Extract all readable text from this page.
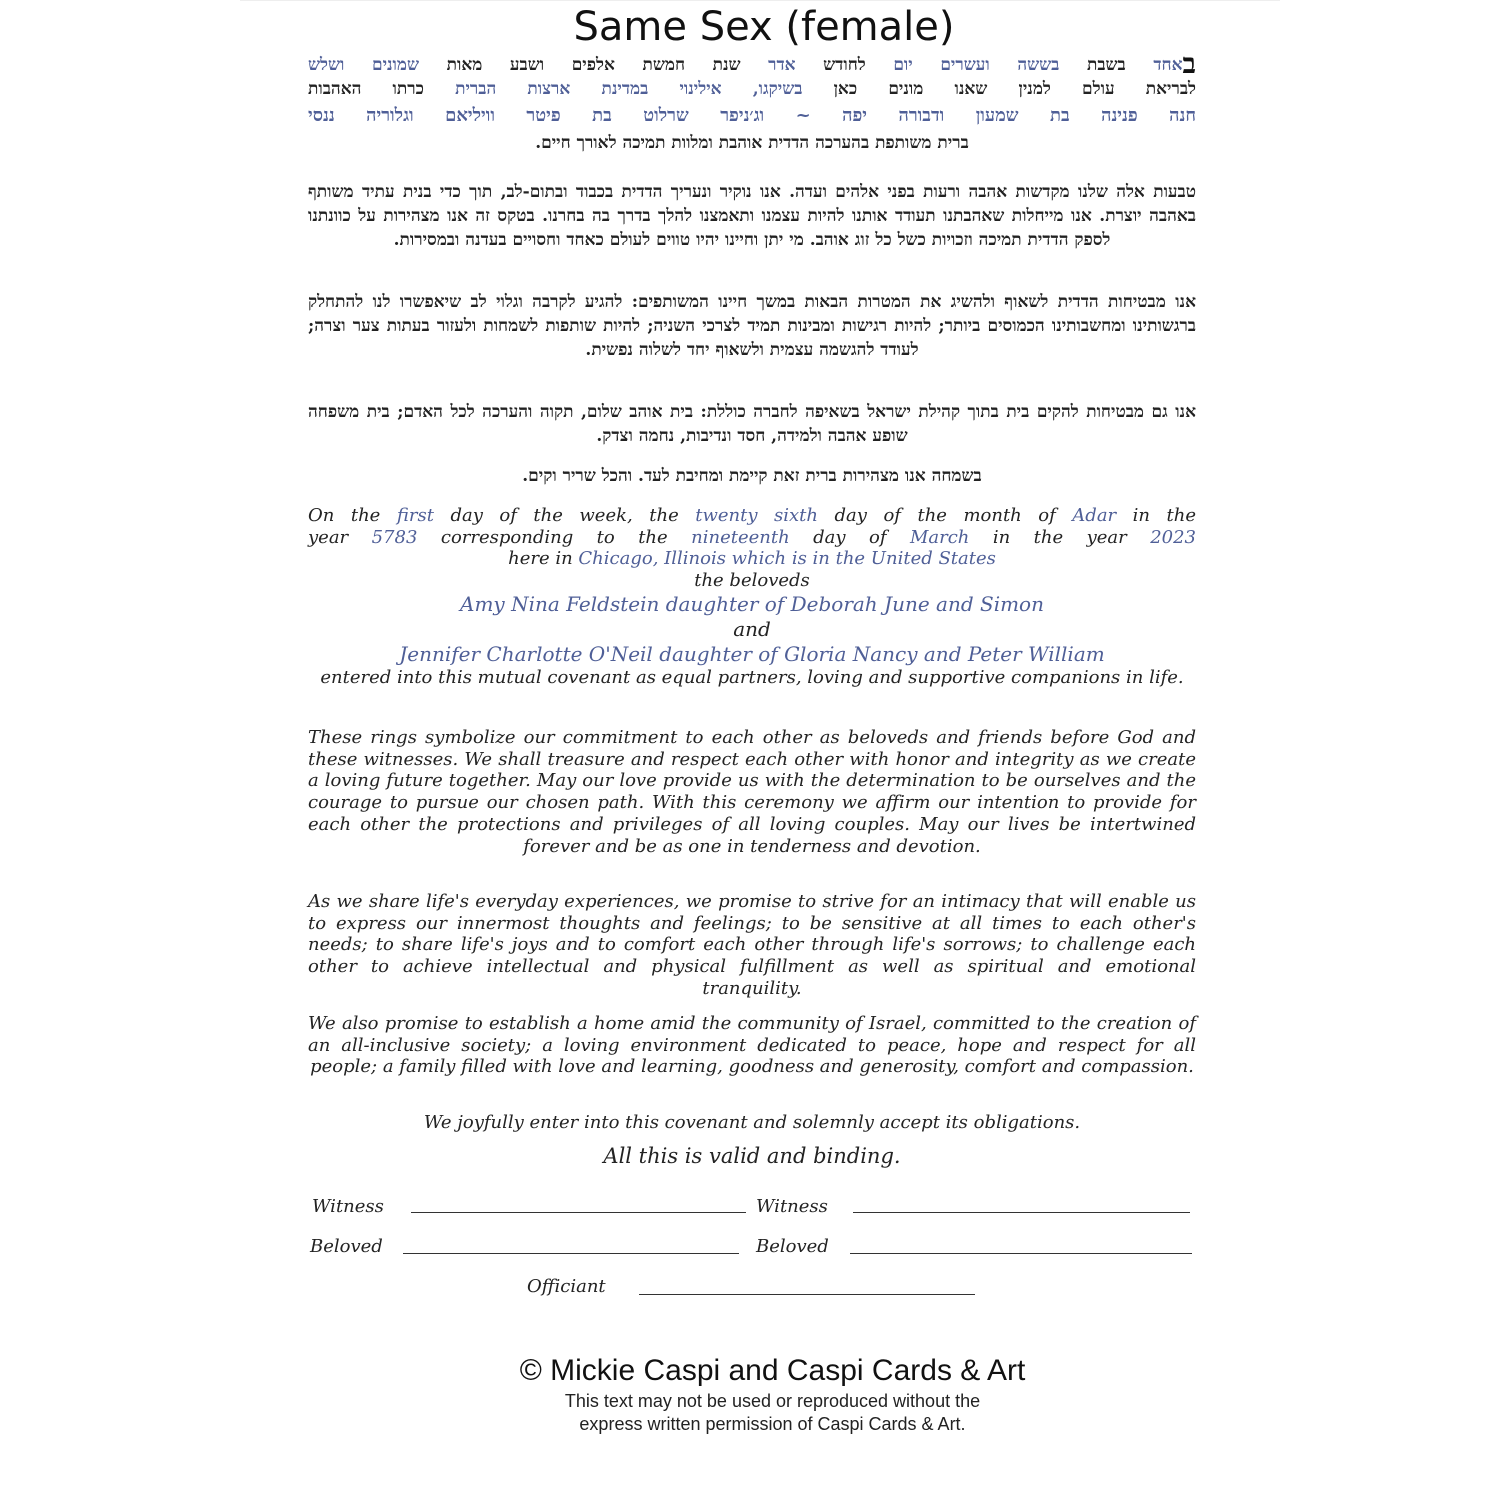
Same Sex (female)

באחד בשבת בששה ועשרים יום לחודש אדר שנת חמשת אלפים ושבע מאות שמונים ושלש

לבריאת עולם למנין שאנו מונים כאן בשיקגו, אילינוי במדינת ארצות הברית כרתו האהבות

חנה פנינה בת שמעון ודבורה יפה ~ וג׳ניפר שרלוט בת פיטר וויליאם וגלוריה ננסי

ברית משותפת בהערכה הדדית אוהבת ומלוות תמיכה לאורך חיים.

טבעות אלה שלנו מקדשות אהבה ורעות בפני אלהים ועדה. אנו נוקיר ונעריך הדדית בכבוד ובתום-לב, תוך כדי בנית עתיד משותף באהבה יוצרת. אנו מייחלות שאהבתנו תעודד אותנו להיות עצמנו ותאמצנו להלך בדרך בה בחרנו. בטקס זה אנו מצהירות על כוונתנו לספק הדדית תמיכה וזכויות כשל כל זוג אוהב. מי יתן וחיינו יהיו טווים לעולם כאחד וחסויים בעדנה ובמסירות.

אנו מבטיחות הדדית לשאוף ולהשיג את המטרות הבאות במשך חיינו המשותפים: להגיע לקרבה וגלוי לב שיאפשרו לנו להתחלק ברגשותינו ומחשבותינו הכמוסים ביותר; להיות רגישות ומבינות תמיד לצרכי השניה; להיות שותפות לשמחות ולעזור בעתות צער וצרה; לעודד להגשמה עצמית ולשאוף יחד לשלוה נפשית.

אנו גם מבטיחות להקים בית בתוך קהילת ישראל בשאיפה לחברה כוללת: בית אוהב שלום, תקוה והערכה לכל האדם; בית משפחה שופע אהבה ולמידה, חסד ונדיבות, נחמה וצדק.

בשמחה אנו מצהירות ברית זאת קיימת ומחיבת לעד. והכל שריר וקים.

On the first day of the week, the twenty sixth day of the month of Adar in the

year 5783 corresponding to the nineteenth day of March in the year 2023

here in Chicago, Illinois which is in the United States

the beloveds

Amy Nina Feldstein daughter of Deborah June and Simon

and

Jennifer Charlotte O'Neil daughter of Gloria Nancy and Peter William

entered into this mutual covenant as equal partners, loving and supportive companions in life.

These rings symbolize our commitment to each other as beloveds and friends before God and these witnesses. We shall treasure and respect each other with honor and integrity as we create a loving future together. May our love provide us with the determination to be ourselves and the courage to pursue our chosen path. With this ceremony we affirm our intention to provide for each other the protections and privileges of all loving couples. May our lives be intertwined forever and be as one in tenderness and devotion.

As we share life's everyday experiences, we promise to strive for an intimacy that will enable us to express our innermost thoughts and feelings; to be sensitive at all times to each other's needs; to share life's joys and to comfort each other through life's sorrows; to challenge each other to achieve intellectual and physical fulfillment as well as spiritual and emotional tranquility.

We also promise to establish a home amid the community of Israel, committed to the creation of an all-inclusive society; a loving environment dedicated to peace, hope and respect for all people; a family filled with love and learning, goodness and generosity, comfort and compassion.

We joyfully enter into this covenant and solemnly accept its obligations.

All this is valid and binding.

Witness	Witness
Beloved	Beloved
Officiant
© Mickie Caspi and Caspi Cards & Art
This text may not be used or reproduced without the
express written permission of Caspi Cards & Art.
